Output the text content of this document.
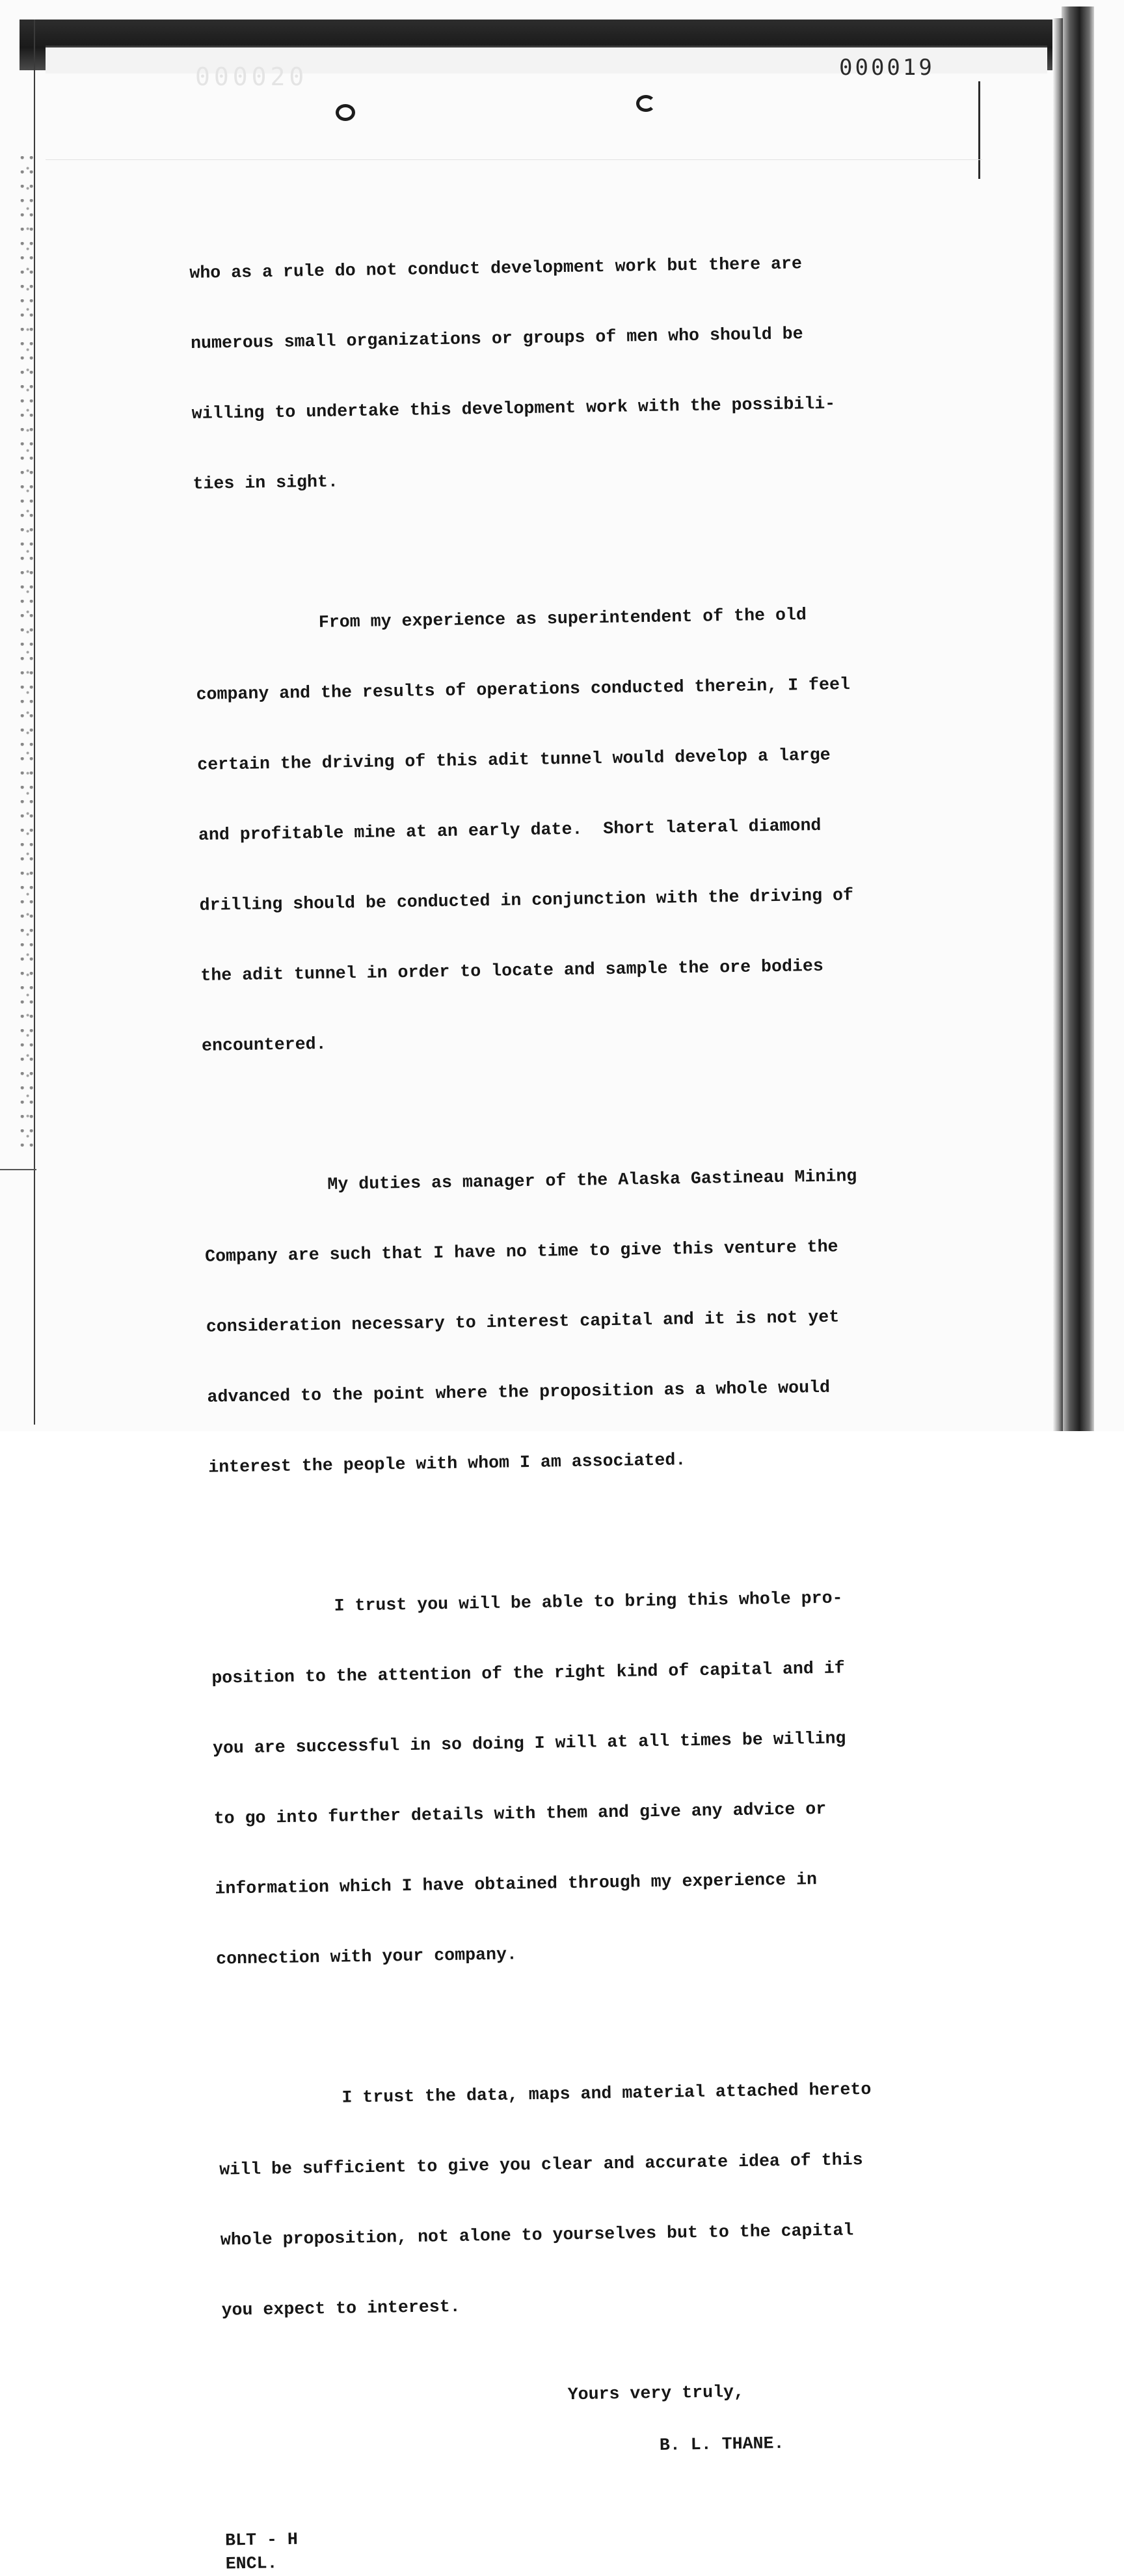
000020	000019

who as a rule do not conduct development work but there are

numerous small organizations or groups of men who should be

willing to undertake this development work with the possibili-

ties in sight.

From my experience as superintendent of the old

company and the results of operations conducted therein, I feel

certain the driving of this adit tunnel would develop a large

and profitable mine at an early date.  Short lateral diamond

drilling should be conducted in conjunction with the driving of

the adit tunnel in order to locate and sample the ore bodies

encountered.

My duties as manager of the Alaska Gastineau Mining

Company are such that I have no time to give this venture the

consideration necessary to interest capital and it is not yet

advanced to the point where the proposition as a whole would

interest the people with whom I am associated.

I trust you will be able to bring this whole pro-

position to the attention of the right kind of capital and if

you are successful in so doing I will at all times be willing

to go into further details with them and give any advice or

information which I have obtained through my experience in

connection with your company.

I trust the data, maps and material attached hereto

will be sufficient to give you clear and accurate idea of this

whole proposition, not alone to yourselves but to the capital

you expect to interest.

Yours very truly,
B. L. THANE.
BLT - H
ENCL.
